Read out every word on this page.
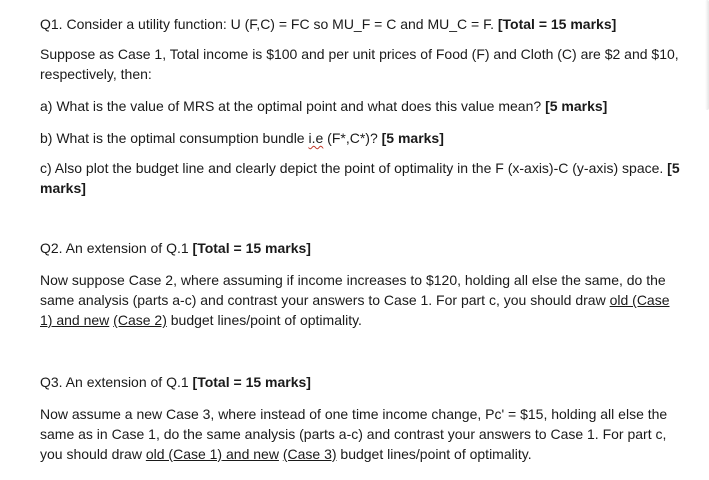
Q1. Consider a utility function: U (F,C) = FC so MU_F = C and MU_C = F. [Total = 15 marks]

Suppose as Case 1, Total income is $100 and per unit prices of Food (F) and Cloth (C) are $2 and $10, respectively, then:

a) What is the value of MRS at the optimal point and what does this value mean? [5 marks]

b) What is the optimal consumption bundle i.e (F*,C*)? [5 marks]

c) Also plot the budget line and clearly depict the point of optimality in the F (x-axis)-C (y-axis) space. [5 marks]

Q2. An extension of Q.1 [Total = 15 marks]

Now suppose Case 2, where assuming if income increases to $120, holding all else the same, do the same analysis (parts a-c) and contrast your answers to Case 1. For part c, you should draw old (Case 1) and new (Case 2) budget lines/point of optimality.

Q3. An extension of Q.1 [Total = 15 marks]

Now assume a new Case 3, where instead of one time income change, Pc' = $15, holding all else the same as in Case 1, do the same analysis (parts a-c) and contrast your answers to Case 1. For part c, you should draw old (Case 1) and new (Case 3) budget lines/point of optimality.
